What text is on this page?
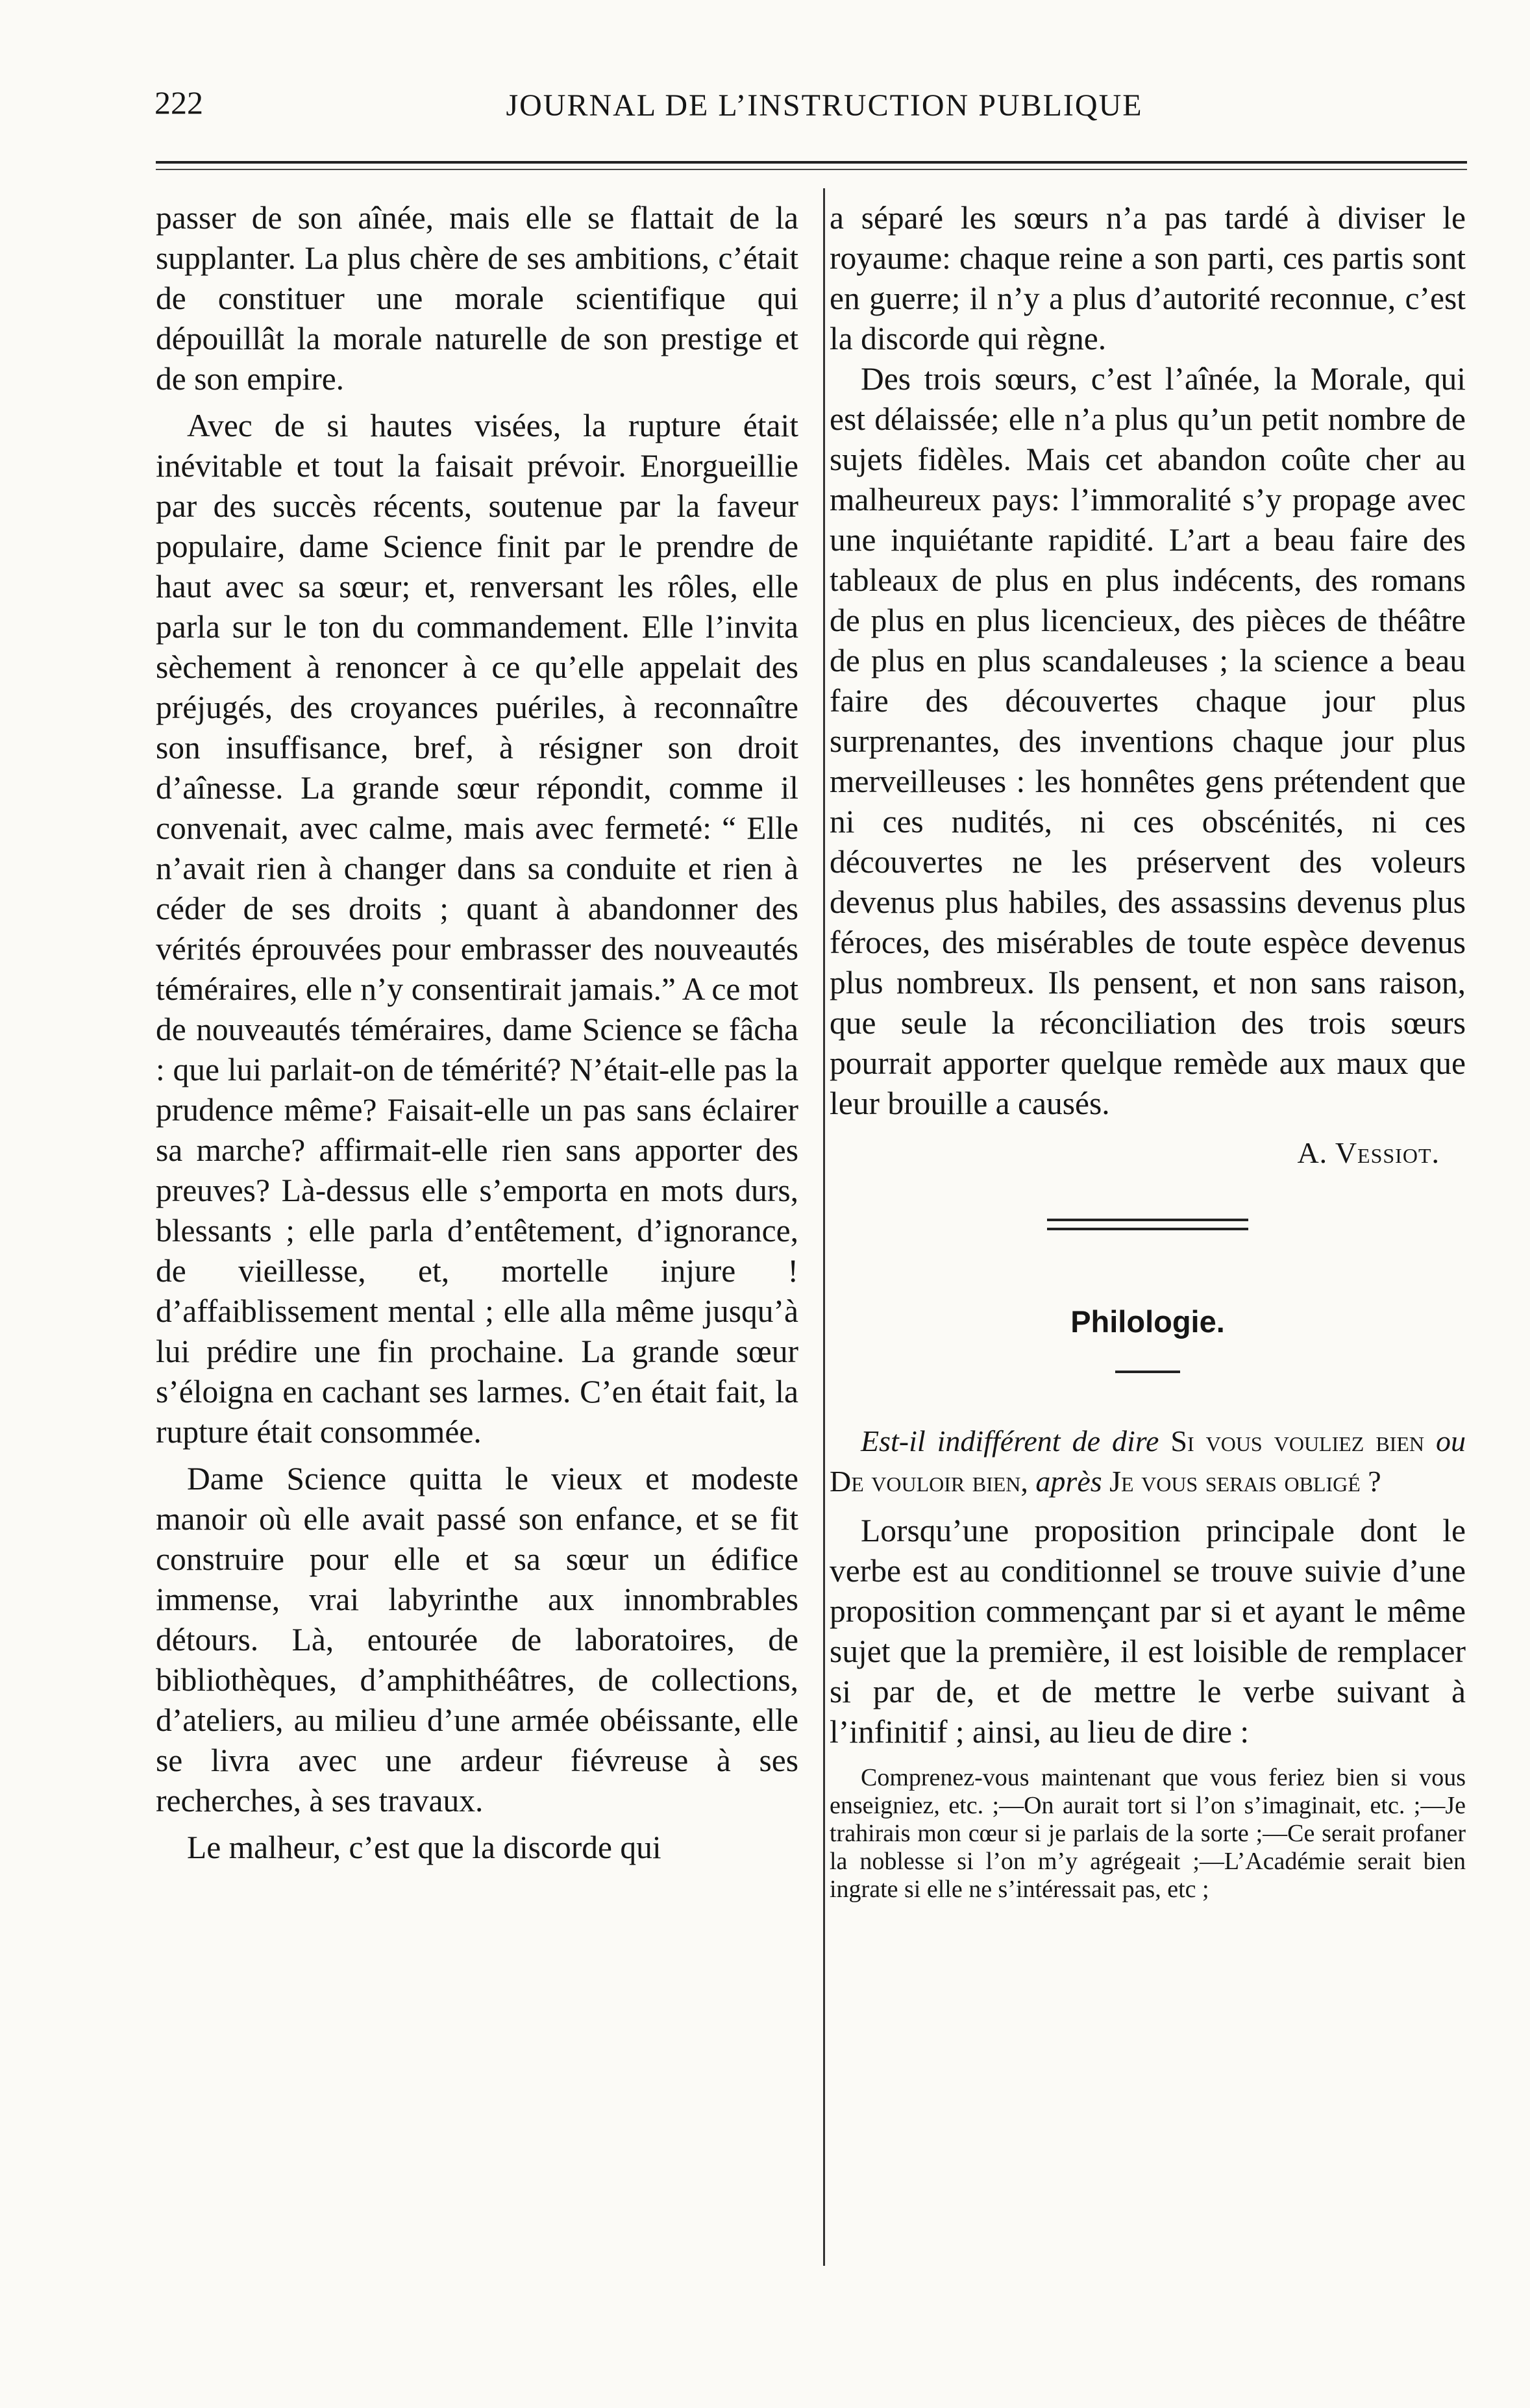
222	JOURNAL DE L’INSTRUCTION PUBLIQUE

passer de son aînée, mais elle se flattait de la supplanter. La plus chère de ses ambitions, c’était de constituer une morale scientifique qui dépouillât la morale naturelle de son prestige et de son empire.

Avec de si hautes visées, la rupture était inévitable et tout la faisait prévoir. Enorgueillie par des succès récents, soutenue par la faveur populaire, dame Science finit par le prendre de haut avec sa sœur; et, renversant les rôles, elle parla sur le ton du commandement. Elle l’invita sèchement à renoncer à ce qu’elle appelait des préjugés, des croyances puériles, à reconnaître son insuffisance, bref, à résigner son droit d’aînesse. La grande sœur répondit, comme il convenait, avec calme, mais avec fermeté: “ Elle n’avait rien à changer dans sa conduite et rien à céder de ses droits ; quant à abandonner des vérités éprouvées pour embrasser des nouveautés téméraires, elle n’y consentirait jamais.” A ce mot de nouveautés téméraires, dame Science se fâcha : que lui parlait-on de témérité? N’était-elle pas la prudence même? Faisait-elle un pas sans éclairer sa marche? affirmait-elle rien sans apporter des preuves? Là-dessus elle s’emporta en mots durs, blessants ; elle parla d’entêtement, d’ignorance, de vieillesse, et, mortelle injure ! d’affaiblissement mental ; elle alla même jusqu’à lui prédire une fin prochaine. La grande sœur s’éloigna en cachant ses larmes. C’en était fait, la rupture était consommée.

Dame Science quitta le vieux et modeste manoir où elle avait passé son enfance, et se fit construire pour elle et sa sœur un édifice immense, vrai labyrinthe aux innombrables détours. Là, entourée de laboratoires, de bibliothèques, d’amphithéâtres, de collections, d’ateliers, au milieu d’une armée obéissante, elle se livra avec une ardeur fiévreuse à ses recherches, à ses travaux.

Le malheur, c’est que la discorde qui

a séparé les sœurs n’a pas tardé à diviser le royaume: chaque reine a son parti, ces partis sont en guerre; il n’y a plus d’autorité reconnue, c’est la discorde qui règne.

Des trois sœurs, c’est l’aînée, la Morale, qui est délaissée; elle n’a plus qu’un petit nombre de sujets fidèles. Mais cet abandon coûte cher au malheureux pays: l’immoralité s’y propage avec une inquiétante rapidité. L’art a beau faire des tableaux de plus en plus indécents, des romans de plus en plus licencieux, des pièces de théâtre de plus en plus scandaleuses ; la science a beau faire des découvertes chaque jour plus surprenantes, des inventions chaque jour plus merveilleuses : les honnêtes gens prétendent que ni ces nudités, ni ces obscénités, ni ces découvertes ne les préservent des voleurs devenus plus habiles, des assassins devenus plus féroces, des misérables de toute espèce devenus plus nombreux. Ils pensent, et non sans raison, que seule la réconciliation des trois sœurs pourrait apporter quelque remède aux maux que leur brouille a causés.

A. Vessiot.
Philologie.

Est-il indifférent de dire Si vous vouliez bien ou De vouloir bien, après Je vous serais obligé ?

Lorsqu’une proposition principale dont le verbe est au conditionnel se trouve suivie d’une proposition commençant par si et ayant le même sujet que la première, il est loisible de remplacer si par de, et de mettre le verbe suivant à l’infinitif ; ainsi, au lieu de dire :

Comprenez-vous maintenant que vous feriez bien si vous enseigniez, etc. ;—On aurait tort si l’on s’imaginait, etc. ;—Je trahirais mon cœur si je parlais de la sorte ;—Ce serait profaner la noblesse si l’on m’y agrégeait ;—L’Académie serait bien ingrate si elle ne s’intéressait pas, etc ;
